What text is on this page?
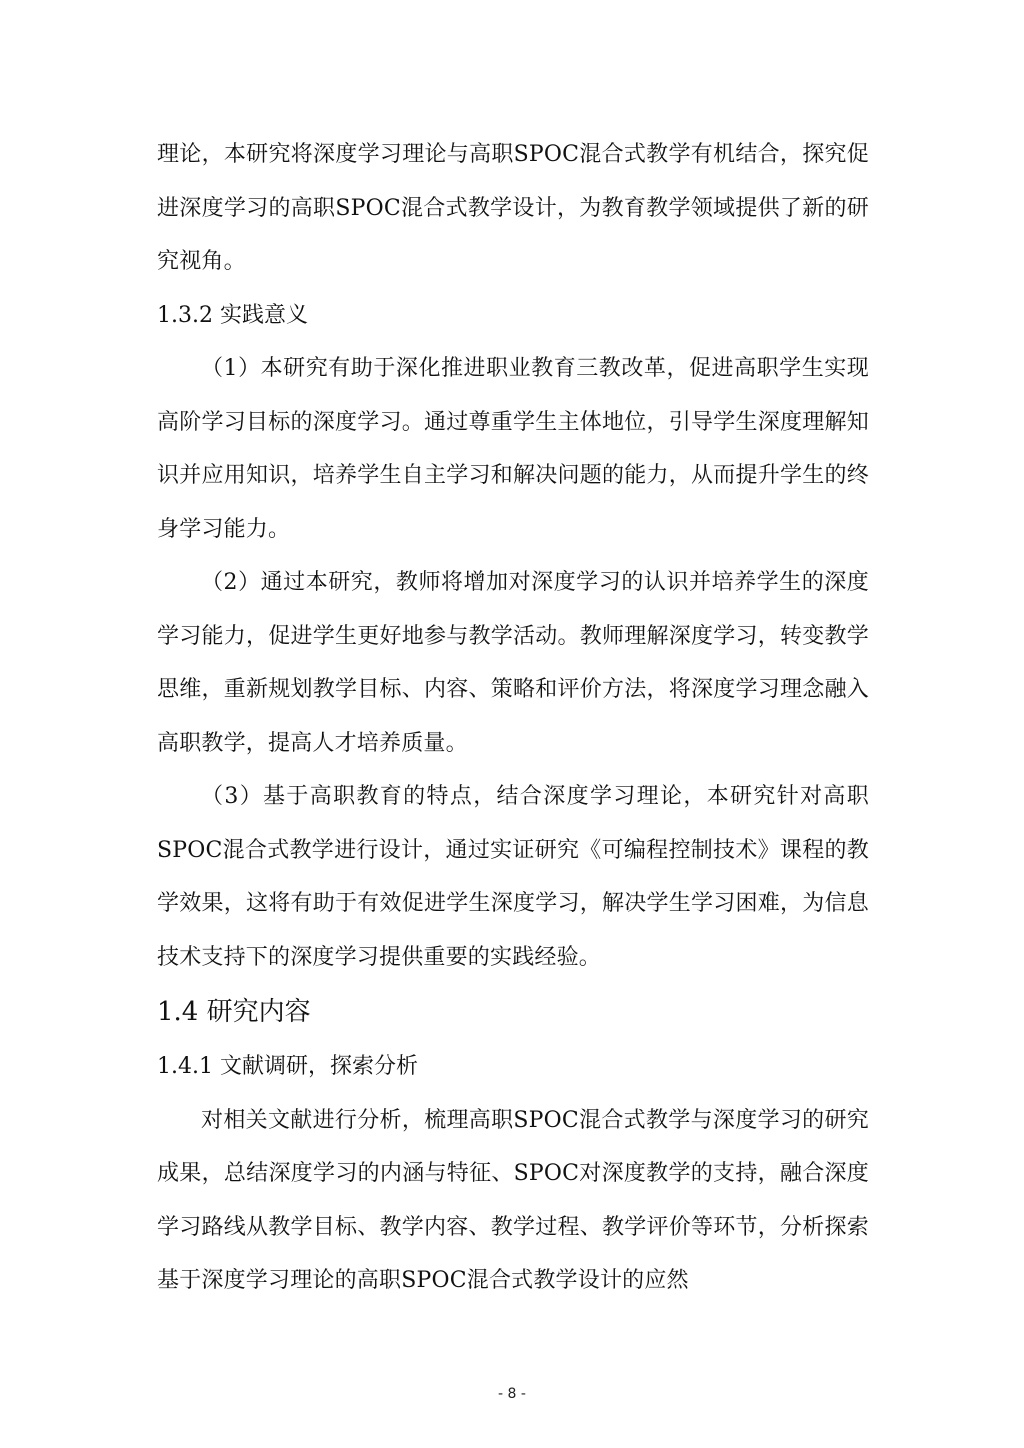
理论，本研究将深度学习理论与高职SPOC混合式教学有机结合，探究促进深度学习的高职SPOC混合式教学设计，为教育教学领域提供了新的研究视角。

1.3.2 实践意义

（1）本研究有助于深化推进职业教育三教改革，促进高职学生实现高阶学习目标的深度学习。通过尊重学生主体地位，引导学生深度理解知识并应用知识，培养学生自主学习和解决问题的能力，从而提升学生的终身学习能力。

（2）通过本研究，教师将增加对深度学习的认识并培养学生的深度学习能力，促进学生更好地参与教学活动。教师理解深度学习，转变教学思维，重新规划教学目标、内容、策略和评价方法，将深度学习理念融入高职教学，提高人才培养质量。

（3）基于高职教育的特点，结合深度学习理论，本研究针对高职SPOC混合式教学进行设计，通过实证研究《可编程控制技术》课程的教学效果，这将有助于有效促进学生深度学习，解决学生学习困难，为信息技术支持下的深度学习提供重要的实践经验。

1.4 研究内容
1.4.1 文献调研，探索分析

对相关文献进行分析，梳理高职SPOC混合式教学与深度学习的研究成果，总结深度学习的内涵与特征、SPOC对深度教学的支持，融合深度学习路线从教学目标、教学内容、教学过程、教学评价等环节，分析探索基于深度学习理论的高职SPOC混合式教学设计的应然

- 8 -
